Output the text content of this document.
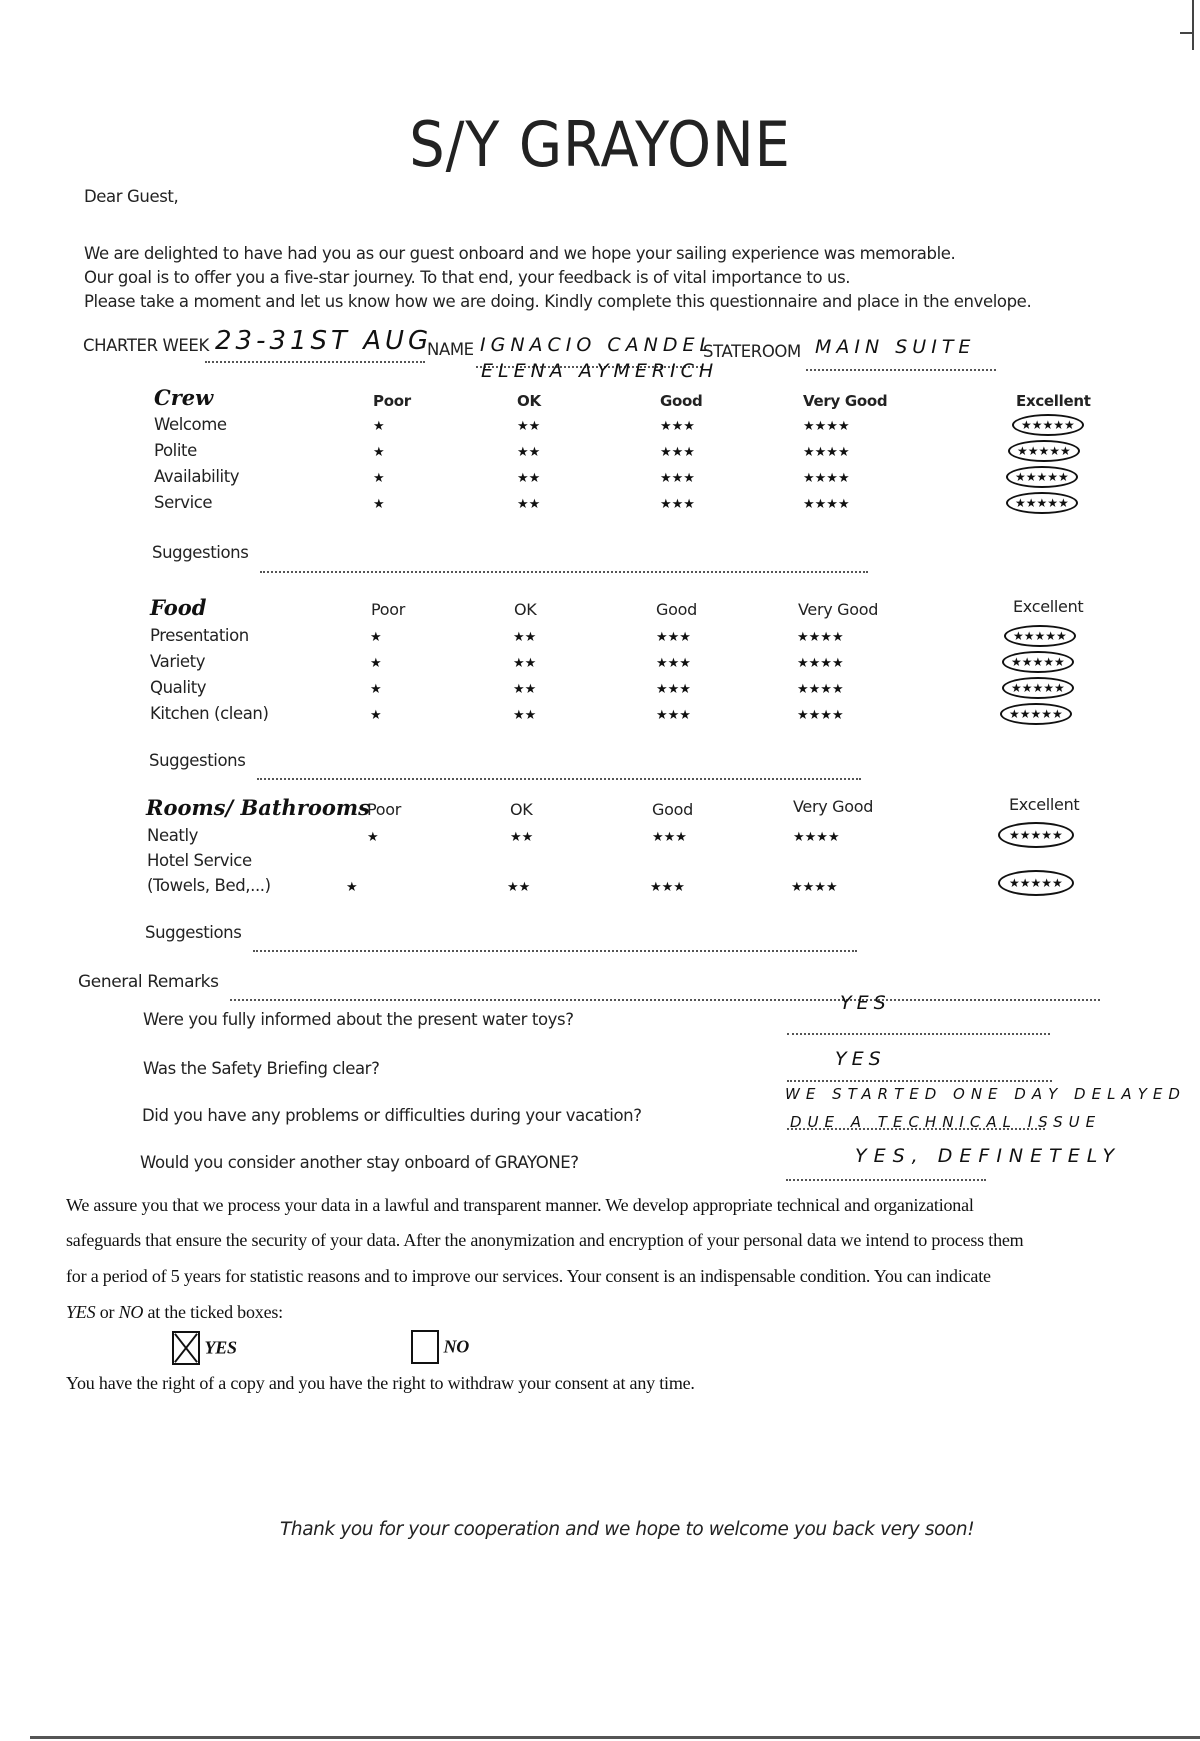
S/Y GRAYONE
Dear Guest,
We are delighted to have had you as our guest onboard and we hope your sailing experience was memorable.
Our goal is to offer you a five-star journey. To that end, your feedback is of vital importance to us.
Please take a moment and let us know how we are doing. Kindly complete this questionnaire and place in the envelope.
CHARTER WEEK 23-31ST AUG
NAME IGNACIO CANDEL
ELENA AYMERICH
STATEROOM MAIN SUITE
Crew	Poor	OK	Good	Very Good	Excellent
Welcome	★	★★	★★★	★★★★	★★★★★
Polite	★	★★	★★★	★★★★	★★★★★
Availability	★	★★	★★★	★★★★	★★★★★
Service	★	★★	★★★	★★★★	★★★★★
Suggestions
Food	Poor	OK	Good	Very Good	Excellent
Presentation	★	★★	★★★	★★★★	★★★★★
Variety	★	★★	★★★	★★★★	★★★★★
Quality	★	★★	★★★	★★★★	★★★★★
Kitchen (clean)	★	★★	★★★	★★★★	★★★★★
Suggestions
Rooms/ Bathrooms
Poor	OK	Good	Very Good	Excellent
Neatly	★	★★	★★★	★★★★	★★★★★
Hotel Service
(Towels, Bed,...)	★	★★	★★★	★★★★	★★★★★
Suggestions
General Remarks
Were you fully informed about the present water toys?
YES
Was the Safety Briefing clear?	YES
Did you have any problems or difficulties during your vacation?
WE STARTED ONE DAY DELAYED
DUE A TECHNICAL ISSUE
Would you consider another stay onboard of GRAYONE?	YES, DEFINETELY
We assure you that we process your data in a lawful and transparent manner. We develop appropriate technical and organizational
safeguards that ensure the security of your data. After the anonymization and encryption of your personal data we intend to process them
for a period of 5 years for statistic reasons and to improve our services. Your consent is an indispensable condition. You can indicate
YES or NO at the ticked boxes:
YES	NO
You have the right of a copy and you have the right to withdraw your consent at any time.
Thank you for your cooperation and we hope to welcome you back very soon!
